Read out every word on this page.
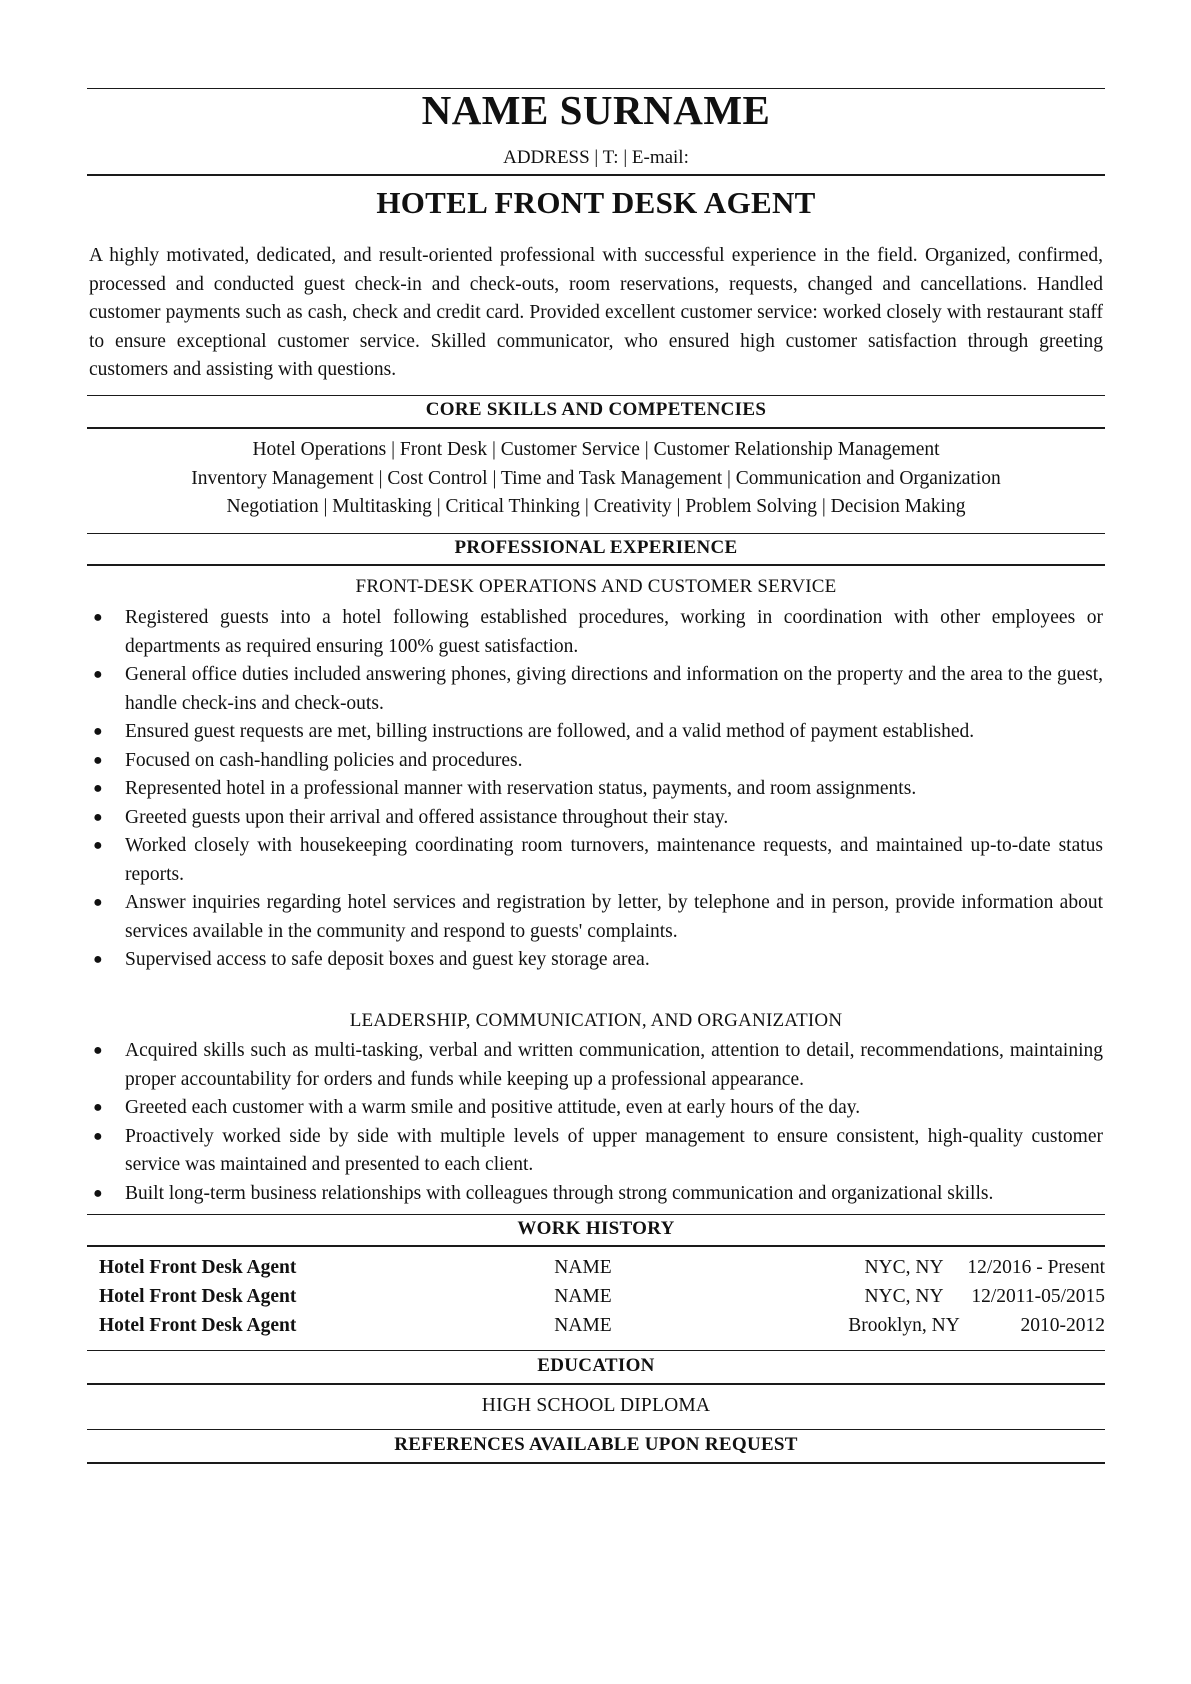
NAME SURNAME
ADDRESS | T: | E-mail:
HOTEL FRONT DESK AGENT
A highly motivated, dedicated, and result-oriented professional with successful experience in the field. Organized, confirmed, processed and conducted guest check-in and check-outs, room reservations, requests, changed and cancellations. Handled customer payments such as cash, check and credit card. Provided excellent customer service: worked closely with restaurant staff to ensure exceptional customer service. Skilled communicator, who ensured high customer satisfaction through greeting customers and assisting with questions.
CORE SKILLS AND COMPETENCIES
Hotel Operations | Front Desk | Customer Service | Customer Relationship Management
Inventory Management | Cost Control | Time and Task Management | Communication and Organization
Negotiation | Multitasking | Critical Thinking | Creativity | Problem Solving | Decision Making
PROFESSIONAL EXPERIENCE
FRONT-DESK OPERATIONS AND CUSTOMER SERVICE
● Registered guests into a hotel following established procedures, working in coordination with other employees or departments as required ensuring 100% guest satisfaction.
● General office duties included answering phones, giving directions and information on the property and the area to the guest, handle check-ins and check-outs.
● Ensured guest requests are met, billing instructions are followed, and a valid method of payment established.
● Focused on cash-handling policies and procedures.
● Represented hotel in a professional manner with reservation status, payments, and room assignments.
● Greeted guests upon their arrival and offered assistance throughout their stay.
● Worked closely with housekeeping coordinating room turnovers, maintenance requests, and maintained up-to-date status reports.
● Answer inquiries regarding hotel services and registration by letter, by telephone and in person, provide information about services available in the community and respond to guests' complaints.
● Supervised access to safe deposit boxes and guest key storage area.
LEADERSHIP, COMMUNICATION, AND ORGANIZATION
● Acquired skills such as multi-tasking, verbal and written communication, attention to detail, recommendations, maintaining proper accountability for orders and funds while keeping up a professional appearance.
● Greeted each customer with a warm smile and positive attitude, even at early hours of the day.
● Proactively worked side by side with multiple levels of upper management to ensure consistent, high-quality customer service was maintained and presented to each client.
● Built long-term business relationships with colleagues through strong communication and organizational skills.
WORK HISTORY
Hotel Front Desk Agent	NAME	NYC, NY	12/2016 - Present
Hotel Front Desk Agent	NAME	NYC, NY	12/2011-05/2015
Hotel Front Desk Agent	NAME	Brooklyn, NY	2010-2012
EDUCATION
HIGH SCHOOL DIPLOMA
REFERENCES AVAILABLE UPON REQUEST
